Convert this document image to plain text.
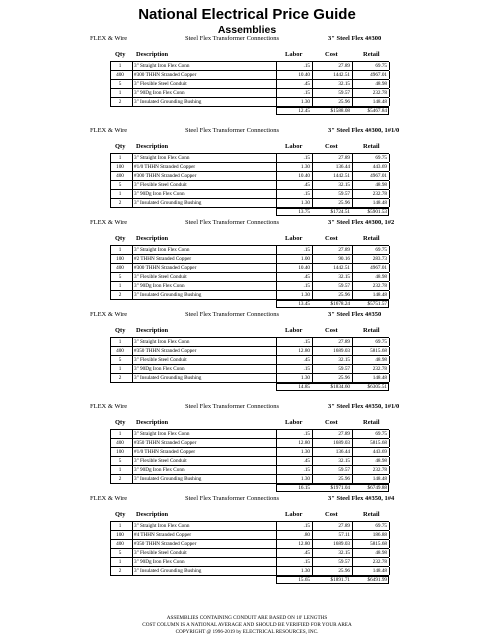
National Electrical Price Guide
Assemblies
FLEX & Wire	Steel Flex Transformer Connections	3" Steel Flex 4#300
Qty Description	Labor	Cost	Retail
1	3" Straight Iron Flex Conn	.15	27.89	69.75
400	#300 THHN Stranded Copper	10.40	1442.51	4967.01
5	3" Flexible Steel Conduit	.45	32.15	48.98
1	3" 90Dg Iron Flex Conn	.15	59.57	232.78
2	3" Insulated Grounding Bushing	1.30	25.96	148.48
12.45	$1588.08	$5467.84
FLEX & Wire	Steel Flex Transformer Connections	3" Steel Flex 4#300, 1#1/0
Qty Description	Labor	Cost	Retail
1	3" Straight Iron Flex Conn	.15	27.89	69.75
100	#1/0 THHN Stranded Copper	1.30	136.44	443.69
400	#300 THHN Stranded Copper	10.40	1442.51	4967.01
5	3" Flexible Steel Conduit	.45	32.15	48.98
1	3" 90Dg Iron Flex Conn	.15	59.57	232.78
2	3" Insulated Grounding Bushing	1.30	25.96	148.48
13.75	$1724.51	$5901.53
FLEX & Wire	Steel Flex Transformer Connections	3" Steel Flex 4#300, 1#2
Qty Description	Labor	Cost	Retail
1	3" Straight Iron Flex Conn	.15	27.89	69.75
100	#2 THHN Stranded Copper	1.00	90.16	283.73
400	#300 THHN Stranded Copper	10.40	1442.51	4967.01
5	3" Flexible Steel Conduit	.45	32.15	48.98
1	3" 90Dg Iron Flex Conn	.15	59.57	232.78
2	3" Insulated Grounding Bushing	1.30	25.96	148.48
13.45	$1678.24	$5751.57
FLEX & Wire	Steel Flex Transformer Connections	3" Steel Flex 4#350
Qty Description	Labor	Cost	Retail
1	3" Straight Iron Flex Conn	.15	27.89	69.75
400	#350 THHN Stranded Copper	12.80	1689.03	5815.68
5	3" Flexible Steel Conduit	.45	32.15	48.98
1	3" 90Dg Iron Flex Conn	.15	59.57	232.78
2	3" Insulated Grounding Bushing	1.30	25.96	148.48
14.85	$1834.60	$6305.51
FLEX & Wire	Steel Flex Transformer Connections	3" Steel Flex 4#350, 1#1/0
Qty Description	Labor	Cost	Retail
1	3" Straight Iron Flex Conn	.15	27.89	69.75
400	#350 THHN Stranded Copper	12.80	1689.03	5815.68
100	#1/0 THHN Stranded Copper	1.30	136.44	443.69
5	3" Flexible Steel Conduit	.45	32.15	48.98
1	3" 90Dg Iron Flex Conn	.15	59.57	232.78
2	3" Insulated Grounding Bushing	1.30	25.96	148.48
16.15	$1971.04	$6749.88
FLEX & Wire	Steel Flex Transformer Connections	3" Steel Flex 4#350, 1#4
Qty Description	Labor	Cost	Retail
1	3" Straight Iron Flex Conn	.15	27.89	69.75
100	#4 THHN Stranded Copper	.80	57.11	186.88
400	#350 THHN Stranded Copper	12.80	1689.03	5815.68
5	3" Flexible Steel Conduit	.45	32.15	48.98
1	3" 90Dg Iron Flex Conn	.15	59.57	232.78
2	3" Insulated Grounding Bushing	1.30	25.96	148.48
15.65	$1891.71	$6491.99
ASSEMBLIES CONTAINING CONDUIT ARE BASED ON 10' LENGTHS
COST COLUMN IS A NATIONAL AVERAGE AND SHOULD BE VERIFIED FOR YOUR AREA
COPYRIGHT @ 1996-2019 by ELECTRICAL RESOURCES, INC.
